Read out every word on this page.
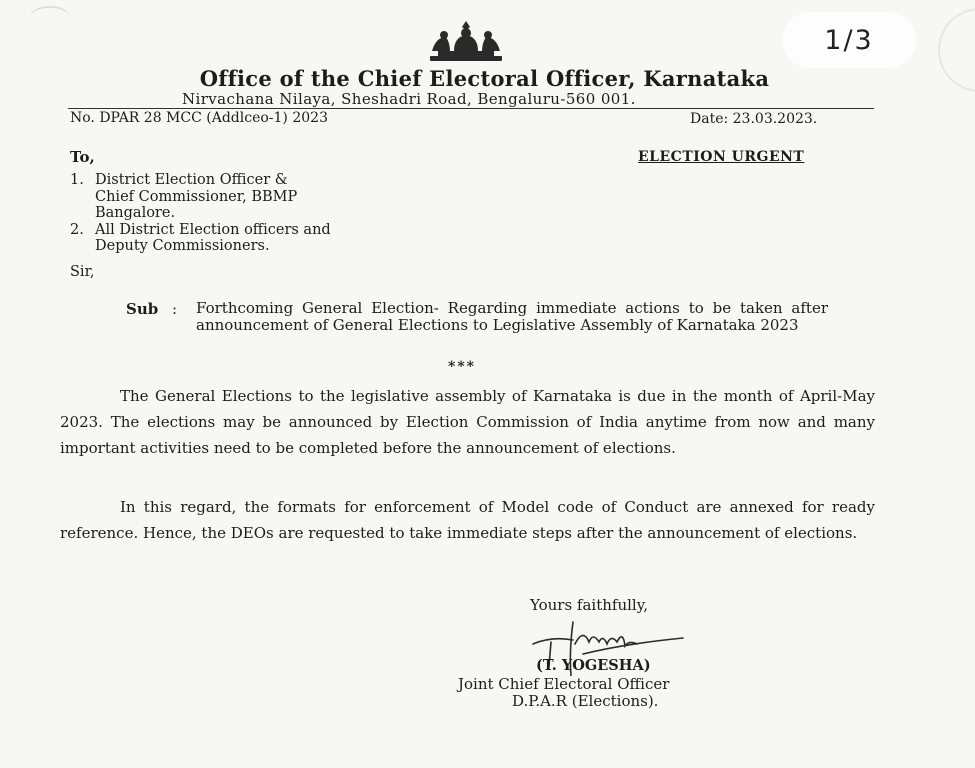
1/3
Office of the Chief Electoral Officer, Karnataka
Nirvachana Nilaya, Sheshadri Road, Bengaluru-560 001.
No. DPAR 28 MCC (Addlceo-1) 2023	Date: 23.03.2023.
To,	ELECTION URGENT
1. District Election Officer &
Chief Commissioner, BBMP
Bangalore.
2. All District Election officers and
Deputy Commissioners.
Sir,
Sub : Forthcoming General Election- Regarding immediate actions to be taken after announcement of General Elections to Legislative Assembly of Karnataka 2023
***
The General Elections to the legislative assembly of Karnataka is due in the month of April-May 2023. The elections may be announced by Election Commission of India anytime from now and many important activities need to be completed before the announcement of elections.
In this regard, the formats for enforcement of Model code of Conduct are annexed for ready reference. Hence, the DEOs are requested to take immediate steps after the announcement of elections.
Yours faithfully,
(T. YOGESHA)
Joint Chief Electoral Officer
D.P.A.R (Elections).
